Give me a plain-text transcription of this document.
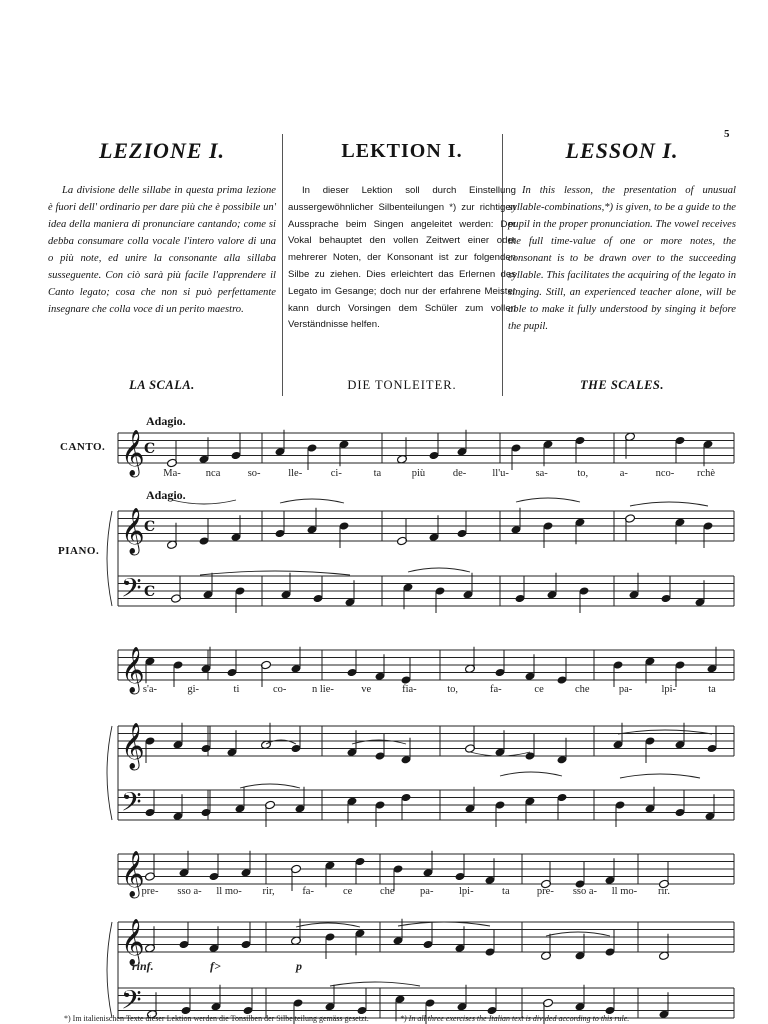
5
LEZIONE I.

La divisione delle sillabe in questa prima lezione è fuori dell' ordinario per dare più che è possibile un' idea della maniera di pronunciare cantando; come si debba consumare colla vocale l'intero valore di una o più note, ed unire la consonante alla sillaba susseguente. Con ciò sarà più facile l'apprendere il Canto legato; cosa che non si può perfettamente insegnare che colla voce di un perito maestro.

LA SCALA.
LEKTION I.

In dieser Lektion soll durch Einstellung aussergewöhnlicher Silbenteilungen *) zur richtigen Aussprache beim Singen angeleitet werden: Der Vokal behauptet den vollen Zeitwert einer oder mehrerer Noten, der Konsonant ist zur folgenden Silbe zu ziehen. Dies erleichtert das Erlernen des Legato im Gesange; doch nur der erfahrene Meister kann durch Vorsingen dem Schüler zum vollen Verständnisse helfen.

DIE TONLEITER.
LESSON I.

In this lesson, the presentation of unusual syllable-combinations,*) is given, to be a guide to the pupil in the proper pronunciation. The vowel receives the full time-value of one or more notes, the consonant is to be drawn over to the succeeding syllable. This facilitates the acquiring of the legato in singing. Still, an experienced teacher alone, will be able to make it fully understood by singing it before the pupil.

THE SCALES.
Adagio.
Adagio.
CANTO.
PIANO.
𝄞 C
𝄞 C
𝄢 C
Ma- nca	so-	lle-	ci-	ta	più	de- ll'u-	sa-	to,	a-	nco- rchè
𝄞
𝄞
𝄢
s'a-	gi-	ti	co- n lie-	ve	fia-	to,	fa-	ce	che	pa-	lpi-	ta
𝄞
𝄞
𝄢
pre- sso a- ll mo- rir,	fa-	ce	che pa- lpi-	ta	pre- sso a- ll mo- rir.
rinf.	f>	p
*) Im italienischen Texte dieser Lektion werden die Tonsilben der Silbe teilung gemäss gesetzt.	*) In all three exercises the Italian text is divided according to this rule.
